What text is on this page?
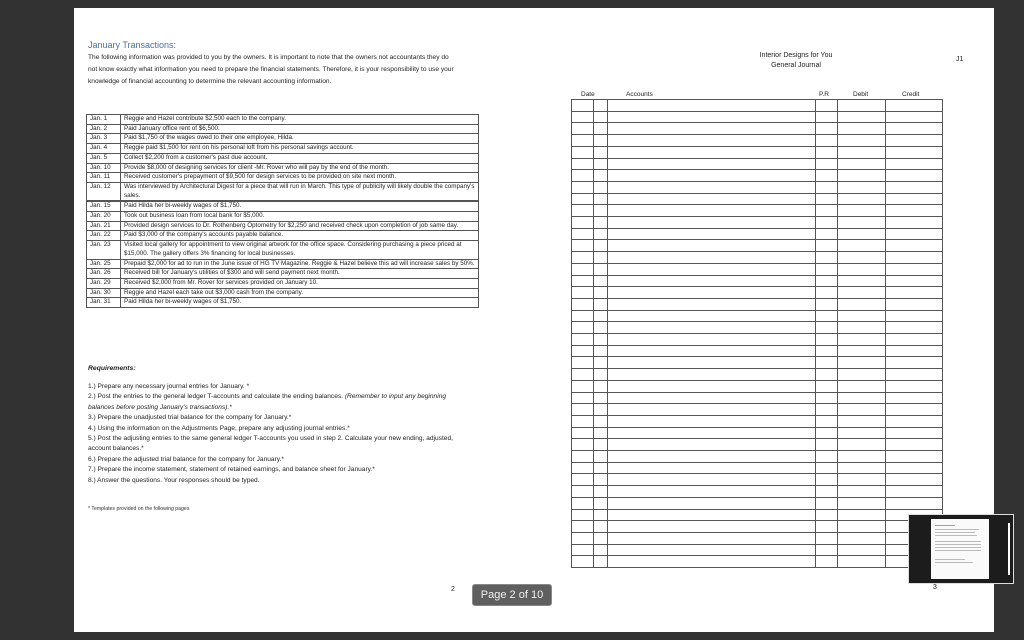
January Transactions:
The following information was provided to you by the owners. It is important to note that the owners not accountants they do not know exactly what information you need to prepare the financial statements. Therefore, it is your responsibility to use your knowledge of financial accounting to determine the relevant accounting information.
Jan. 1	Reggie and Hazel contribute $2,500 each to the company.
Jan. 2	Paid January office rent of $6,500.
Jan. 3	Paid $1,750 of the wages owed to their one employee, Hilda.
Jan. 4	Reggie paid $1,500 for rent on his personal loft from his personal savings account.
Jan. 5	Collect $2,200 from a customer's past due account.
Jan. 10	Provide $8,000 of designing services for client -Mr. Rover who will pay by the end of the month.
Jan. 11	Received customer's prepayment of $9,500 for design services to be provided on site next month.
Jan. 12	Was interviewed by Architectural Digest for a piece that will run in March. This type of publicity will likely double the company's sales.
Jan. 15	Paid Hilda her bi-weekly wages of $1,750.
Jan. 20	Took out business loan from local bank for $5,000.
Jan. 21	Provided design services to Dr. Rothenberg Optometry for $2,250 and received check upon completion of job same day.
Jan. 22	Paid $3,000 of the company's accounts payable balance.
Jan. 23	Visited local gallery for appointment to view original artwork for the office space. Considering purchasing a piece priced at $15,000. The gallery offers 3% financing for local businesses.
Jan. 25	Prepaid $2,000 for ad to run in the June issue of HG TV Magazine. Reggie & Hazel believe this ad will increase sales by 50%.
Jan. 26	Received bill for January's utilities of $300 and will send payment next month.
Jan. 29	Received $2,000 from Mr. Rover for services provided on January 10.
Jan. 30	Reggie and Hazel each take out $3,000 cash from the company.
Jan. 31	Paid Hilda her bi-weekly wages of $1,750.
Requirements:
1.) Prepare any necessary journal entries for January. *
2.) Post the entries to the general ledger T-accounts and calculate the ending balances. (Remember to input any beginning balances before posting January's transactions).*
3.) Prepare the unadjusted trial balance for the company for January.*
4.) Using the information on the Adjustments Page, prepare any adjusting journal entries.*
5.) Post the adjusting entries to the same general ledger T-accounts you used in step 2. Calculate your new ending, adjusted, account balances.*
6.) Prepare the adjusted trial balance for the company for January.*
7.) Prepare the income statement, statement of retained earnings, and balance sheet for January.*
8.) Answer the questions. Your responses should be typed.
* Templates provided on the following pages
2
Interior Designs for You
General Journal
J1
Date	Accounts	P.R	Debit	Credit
3
Page 2 of 10
